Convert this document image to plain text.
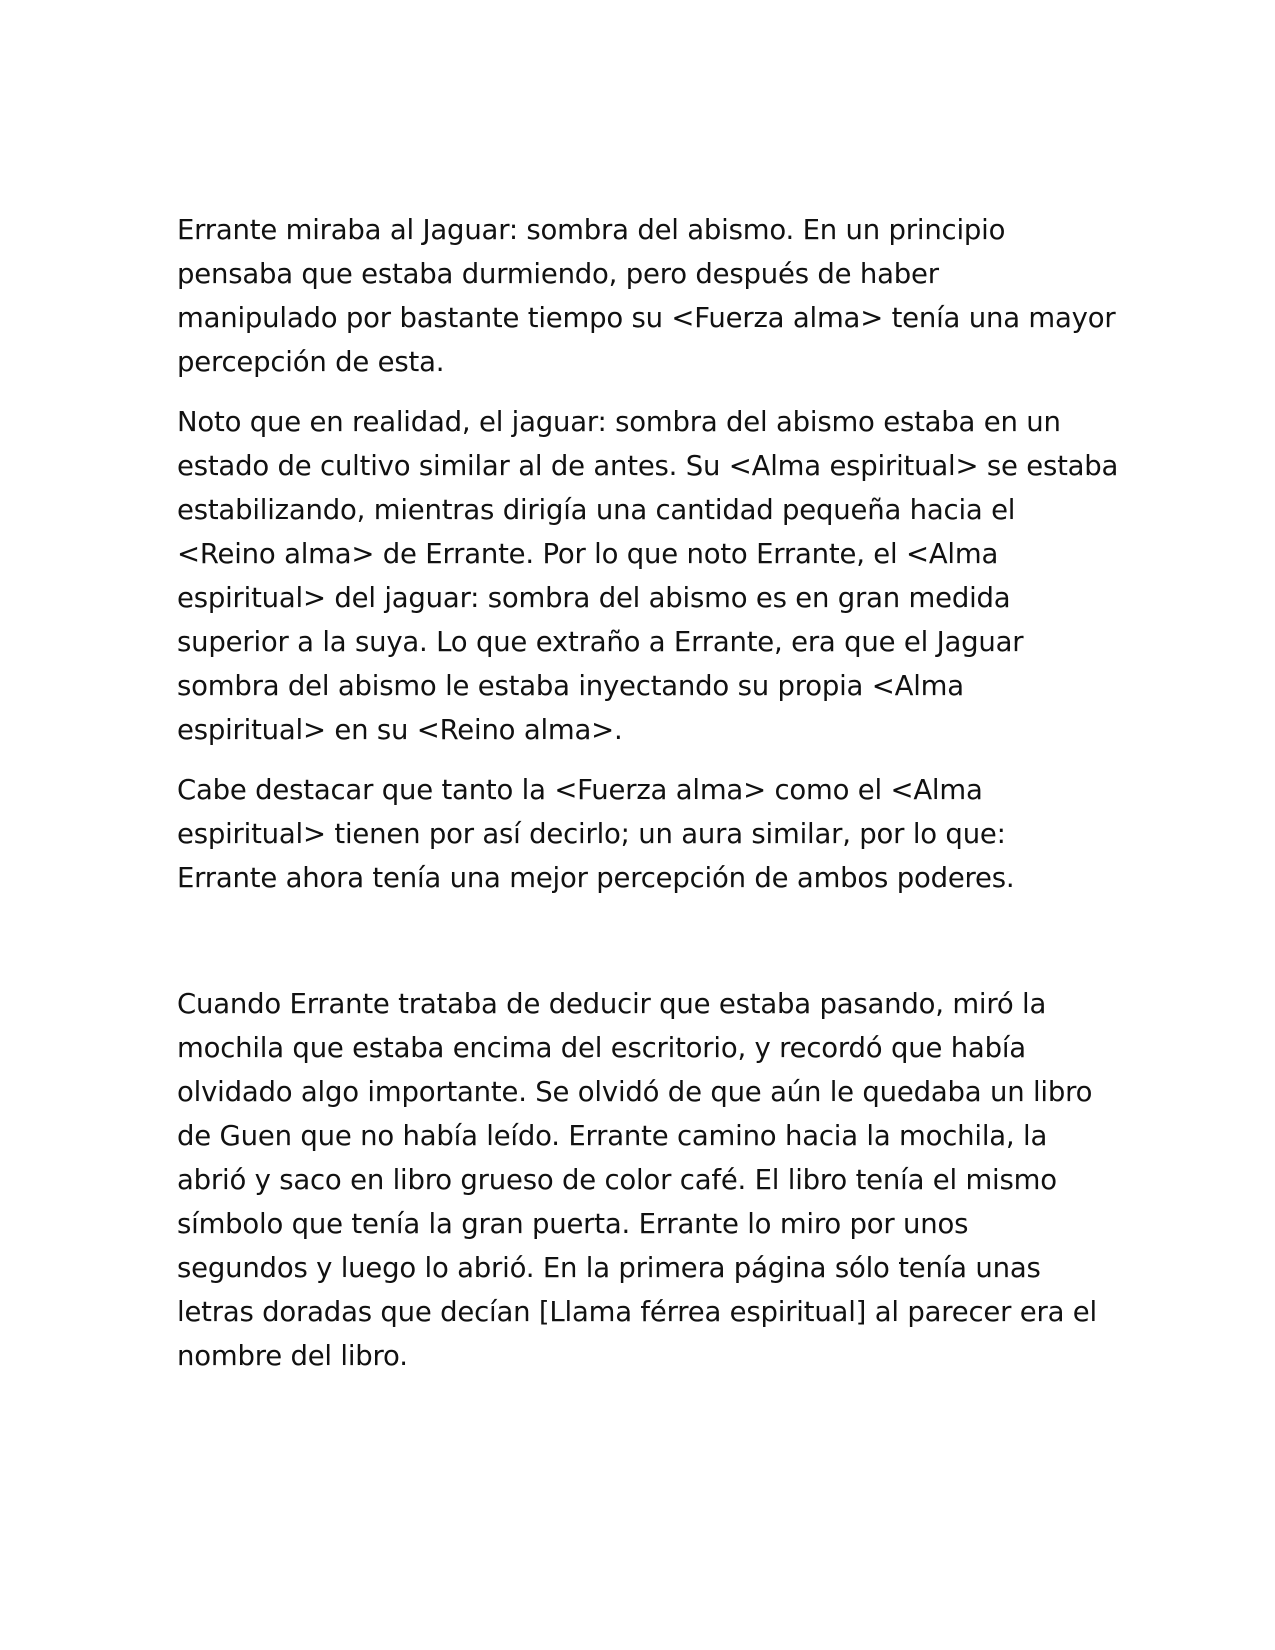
Errante miraba al Jaguar: sombra del abismo. En un principio
pensaba que estaba durmiendo, pero después de haber
manipulado por bastante tiempo su <Fuerza alma> tenía una mayor
percepción de esta.
Noto que en realidad, el jaguar: sombra del abismo estaba en un
estado de cultivo similar al de antes. Su <Alma espiritual> se estaba
estabilizando, mientras dirigía una cantidad pequeña hacia el
<Reino alma> de Errante. Por lo que noto Errante, el <Alma
espiritual> del jaguar: sombra del abismo es en gran medida
superior a la suya. Lo que extraño a Errante, era que el Jaguar
sombra del abismo le estaba inyectando su propia <Alma
espiritual> en su <Reino alma>.
Cabe destacar que tanto la <Fuerza alma> como el <Alma
espiritual> tienen por así decirlo; un aura similar, por lo que:
Errante ahora tenía una mejor percepción de ambos poderes.
Cuando Errante trataba de deducir que estaba pasando, miró la
mochila que estaba encima del escritorio, y recordó que había
olvidado algo importante. Se olvidó de que aún le quedaba un libro
de Guen que no había leído. Errante camino hacia la mochila, la
abrió y saco en libro grueso de color café. El libro tenía el mismo
símbolo que tenía la gran puerta. Errante lo miro por unos
segundos y luego lo abrió. En la primera página sólo tenía unas
letras doradas que decían [Llama férrea espiritual] al parecer era el
nombre del libro.
